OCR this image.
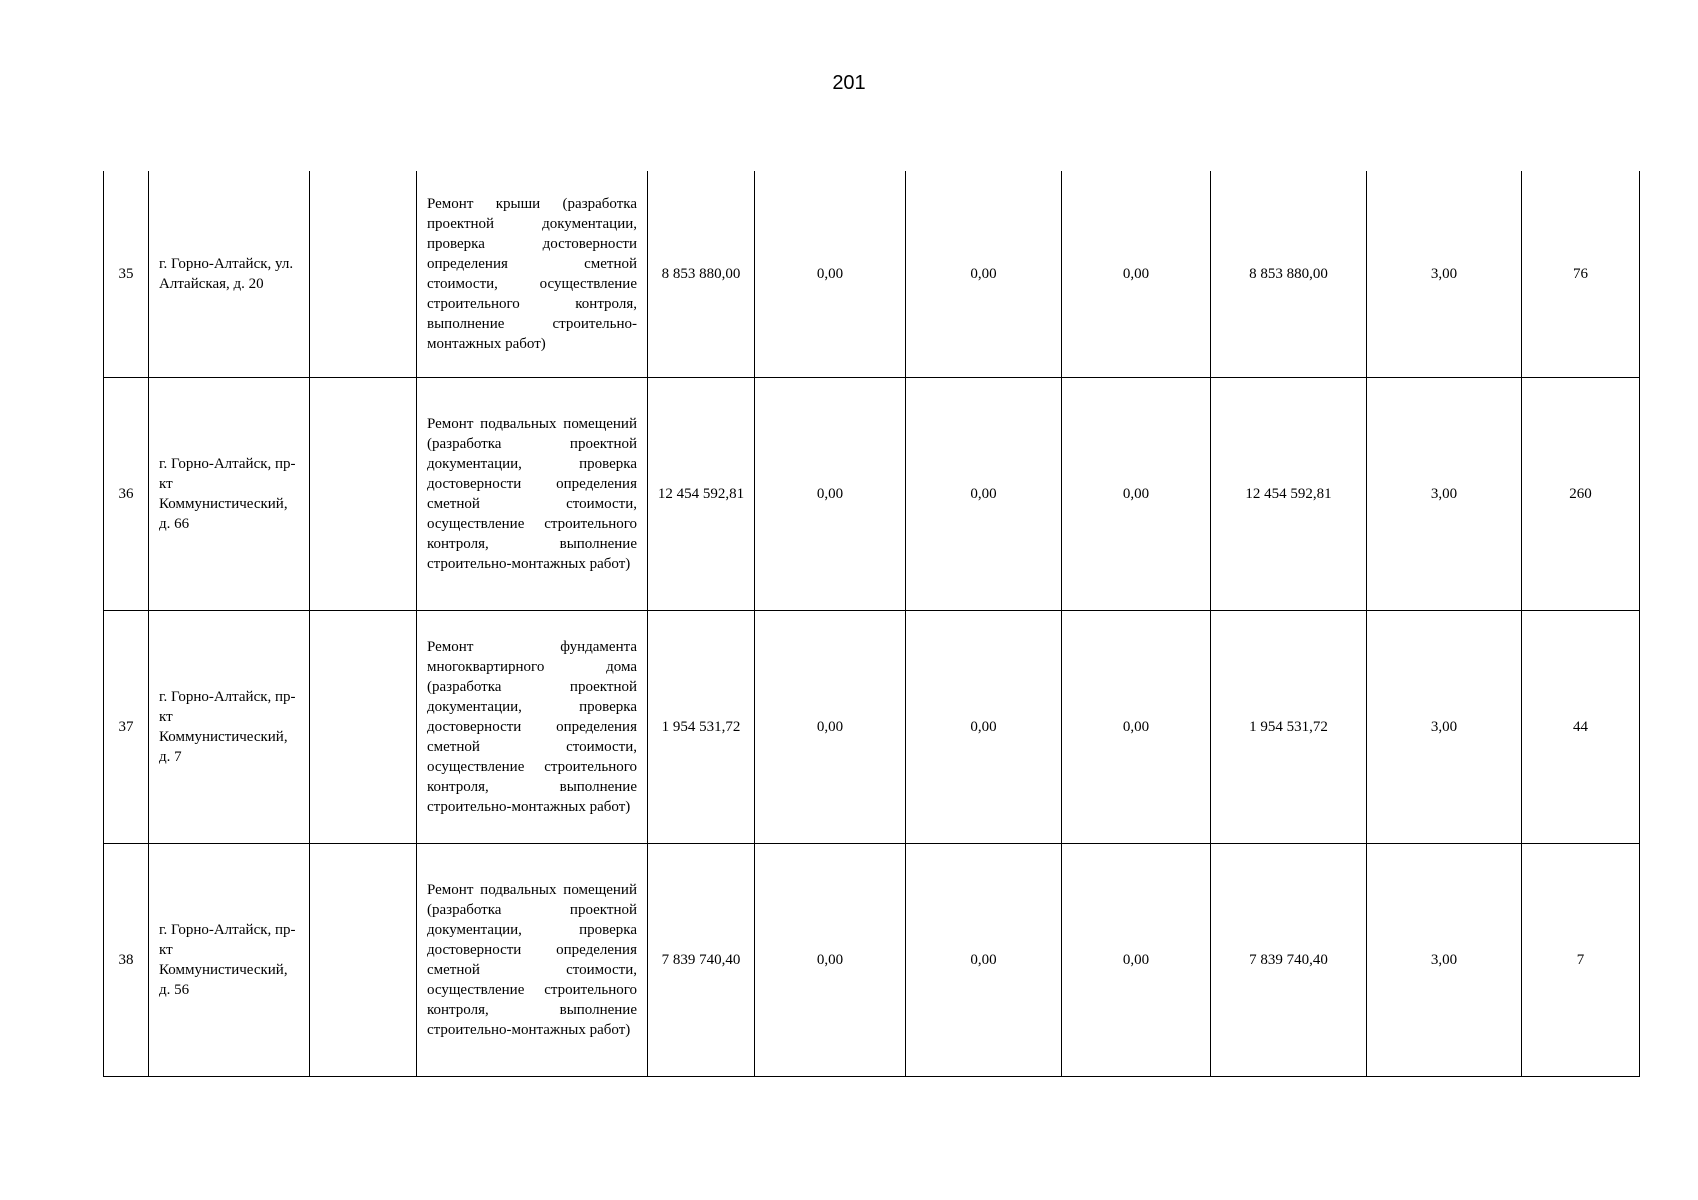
201
35	г. Горно-Алтайск, ул. Алтайская, д. 20		Ремонт крыши (разработка проектной документации, проверка достоверности определения сметной стоимости, осуществление строительного контроля, выполнение строительно-монтажных работ)	8 853 880,00	0,00	0,00	0,00	8 853 880,00	3,00	76
36	г. Горно-Алтайск, пр-кт Коммунистический, д. 66		Ремонт подвальных помещений (разработка проектной документации, проверка достоверности определения сметной стоимости, осуществление строительного контроля, выполнение строительно-монтажных работ)	12 454 592,81	0,00	0,00	0,00	12 454 592,81	3,00	260
37	г. Горно-Алтайск, пр-кт Коммунистический, д. 7		Ремонт фундамента многоквартирного дома (разработка проектной документации, проверка достоверности определения сметной стоимости, осуществление строительного контроля, выполнение строительно-монтажных работ)	1 954 531,72	0,00	0,00	0,00	1 954 531,72	3,00	44
38	г. Горно-Алтайск, пр-кт Коммунистический, д. 56		Ремонт подвальных помещений (разработка проектной документации, проверка достоверности определения сметной стоимости, осуществление строительного контроля, выполнение строительно-монтажных работ)	7 839 740,40	0,00	0,00	0,00	7 839 740,40	3,00	7
